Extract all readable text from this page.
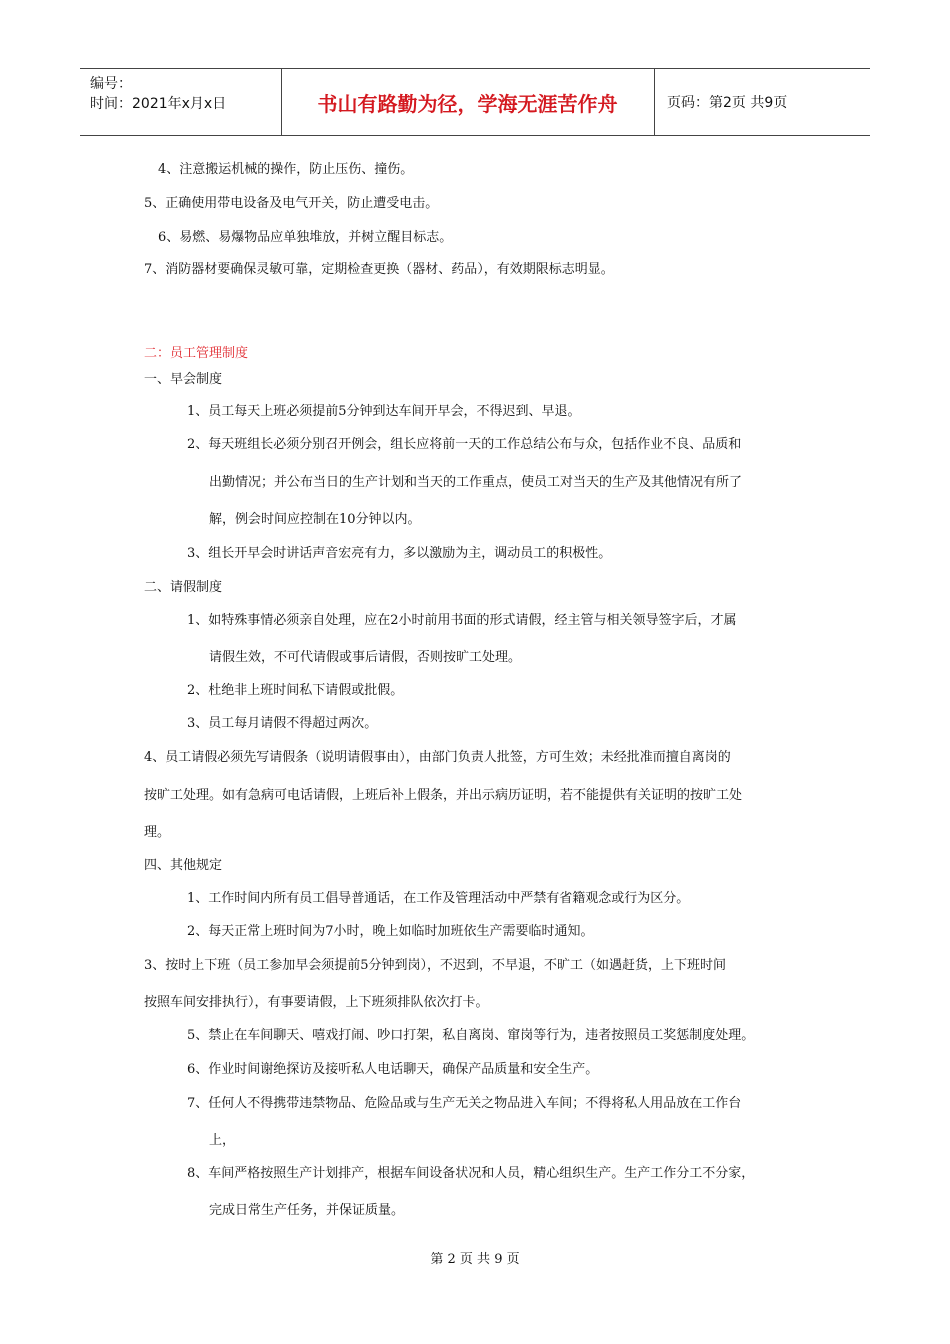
编号：
时间：2021年x月x日	书山有路勤为径，学海无涯苦作舟	页码：第2页 共9页
4、注意搬运机械的操作，防止压伤、撞伤。
5、正确使用带电设备及电气开关，防止遭受电击。
6、易燃、易爆物品应单独堆放，并树立醒目标志。
7、消防器材要确保灵敏可靠，定期检查更换（器材、药品），有效期限标志明显。
二：员工管理制度
一、早会制度
1、员工每天上班必须提前5分钟到达车间开早会，不得迟到、早退。
2、每天班组长必须分别召开例会，组长应将前一天的工作总结公布与众，包括作业不良、品质和
出勤情况；并公布当日的生产计划和当天的工作重点，使员工对当天的生产及其他情况有所了
解，例会时间应控制在10分钟以内。
3、组长开早会时讲话声音宏亮有力，多以激励为主，调动员工的积极性。
二、请假制度
1、如特殊事情必须亲自处理，应在2小时前用书面的形式请假，经主管与相关领导签字后，才属
请假生效，不可代请假或事后请假，否则按旷工处理。
2、杜绝非上班时间私下请假或批假。
3、员工每月请假不得超过两次。
4、员工请假必须先写请假条（说明请假事由），由部门负责人批签，方可生效；未经批准而擅自离岗的
按旷工处理。如有急病可电话请假，上班后补上假条，并出示病历证明，若不能提供有关证明的按旷工处
理。
四、其他规定
1、工作时间内所有员工倡导普通话，在工作及管理活动中严禁有省籍观念或行为区分。
2、每天正常上班时间为7小时，晚上如临时加班依生产需要临时通知。
3、按时上下班（员工参加早会须提前5分钟到岗），不迟到，不早退，不旷工（如遇赶货，上下班时间
按照车间安排执行），有事要请假，上下班须排队依次打卡。
5、禁止在车间聊天、嘻戏打闹、吵口打架，私自离岗、窜岗等行为，违者按照员工奖惩制度处理。
6、作业时间谢绝探访及接听私人电话聊天，确保产品质量和安全生产。
7、任何人不得携带违禁物品、危险品或与生产无关之物品进入车间；不得将私人用品放在工作台
上，
8、车间严格按照生产计划排产，根据车间设备状况和人员，精心组织生产。生产工作分工不分家，
完成日常生产任务，并保证质量。
第 2 页 共 9 页
